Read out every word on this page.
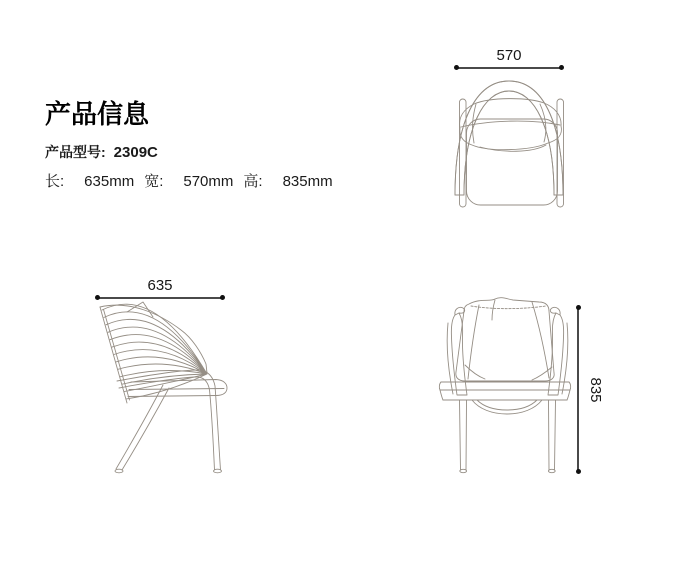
产品信息
产品型号: 2309C
长: 635mm 宽: 570mm 高: 835mm
570
635
835
